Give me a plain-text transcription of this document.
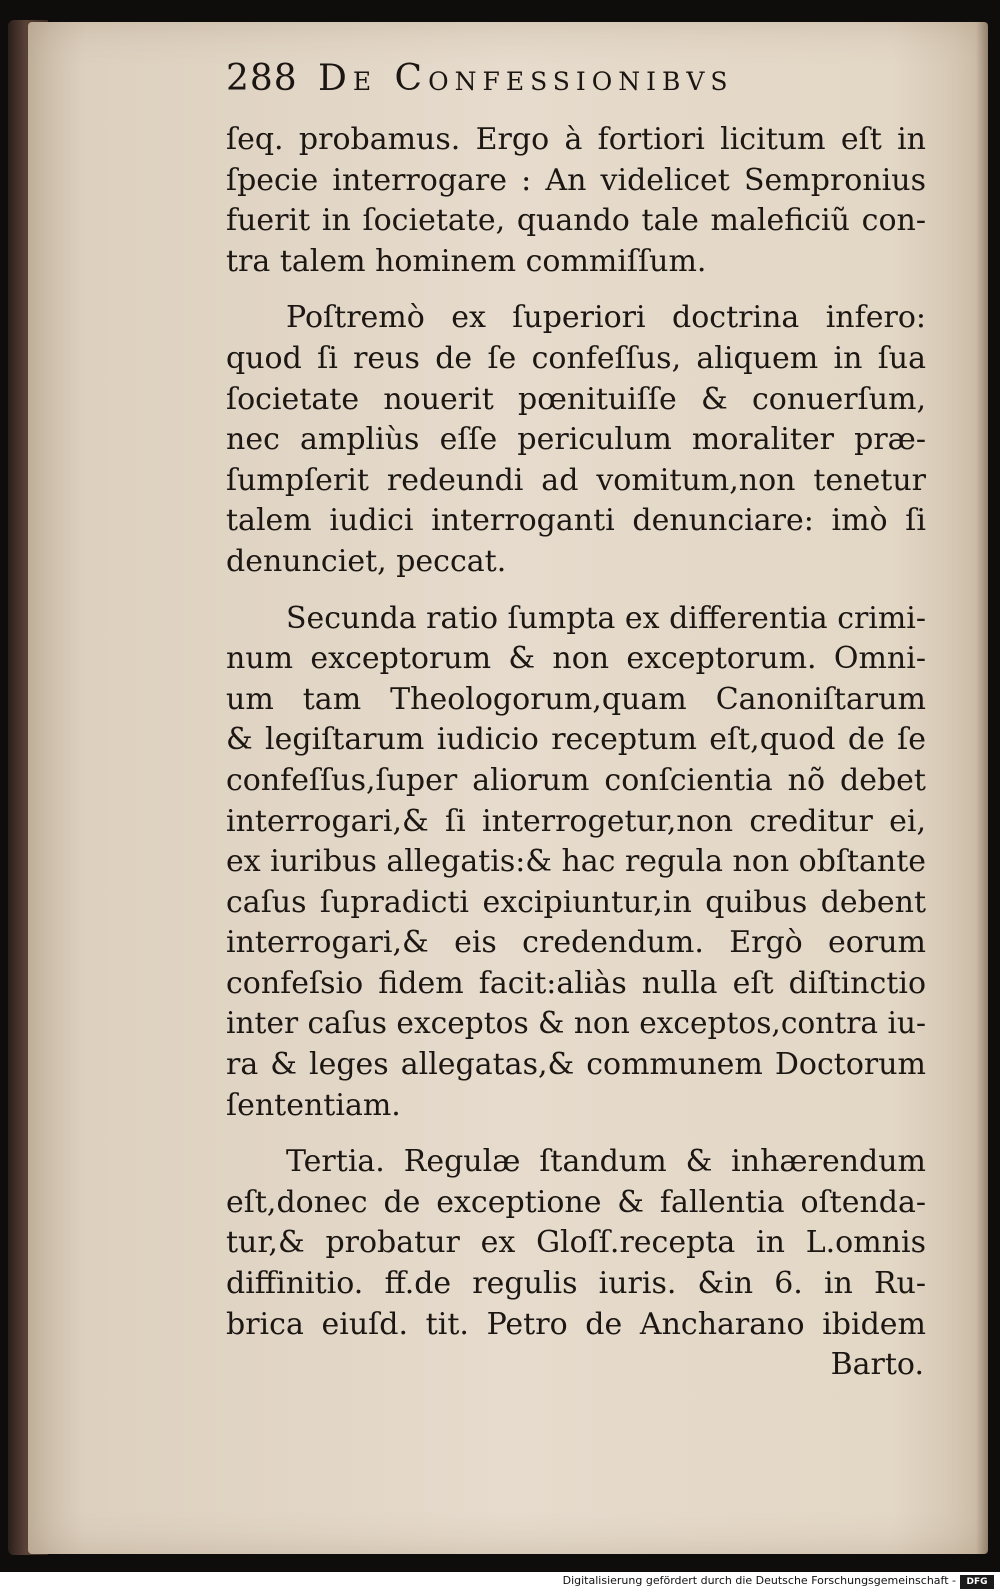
288 De Confessionibvs
ſeq. probamus. Ergo à fortiori licitum eſt in
ſpecie interrogare : An videlicet Sempronius
fuerit in ſocietate, quando tale maleficiũ con-
tra talem hominem commiſſum.
Poſtremò ex ſuperiori doctrina infero:
quod ſi reus de ſe confeſſus, aliquem in ſua
ſocietate nouerit pœnituiſſe & conuerſum,
nec ampliùs eſſe periculum moraliter præ-
ſumpſerit redeundi ad vomitum,non tenetur
talem iudici interroganti denunciare: imò ſi
denunciet, peccat.
Secunda ratio ſumpta ex differentia crimi-
num exceptorum & non exceptorum. Omni-
um tam Theologorum,quam Canoniſtarum
& legiſtarum iudicio receptum eſt,quod de ſe
confeſſus,ſuper aliorum conſcientia nõ debet
interrogari,& ſi interrogetur,non creditur ei,
ex iuribus allegatis:& hac regula non obſtante
caſus ſupradicti excipiuntur,in quibus debent
interrogari,& eis credendum. Ergò eorum
confeſsio fidem facit:aliàs nulla eſt diſtinctio
inter caſus exceptos & non exceptos,contra iu-
ra & leges allegatas,& communem Doctorum
ſententiam.
Tertia. Regulæ ſtandum & inhærendum
eſt,donec de exceptione & fallentia oſtenda-
tur,& probatur ex Gloſſ.recepta in L.omnis
diffinitio. ff.de regulis iuris. &in 6. in Ru-
brica eiuſd. tit. Petro de Ancharano ibidem
Barto.
Digitalisierung gefördert durch die Deutsche Forschungsgemeinschaft -	DFG
